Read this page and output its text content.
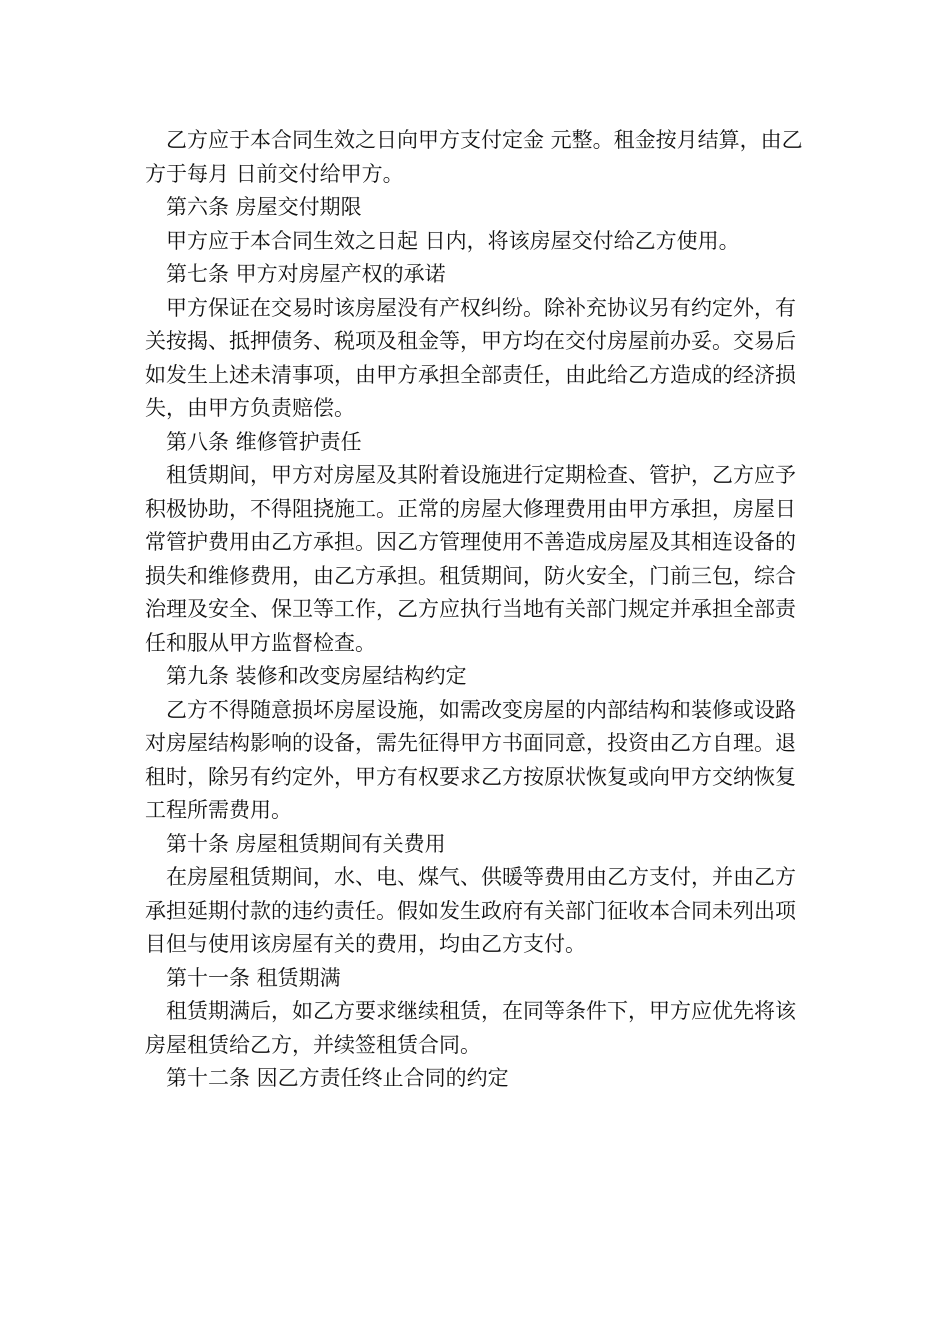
乙方应于本合同生效之日向甲方支付定金 元整。租金按月结算，由乙方于每月 日前交付给甲方。

第六条 房屋交付期限

甲方应于本合同生效之日起 日内，将该房屋交付给乙方使用。

第七条 甲方对房屋产权的承诺

甲方保证在交易时该房屋没有产权纠纷。除补充协议另有约定外，有关按揭、抵押债务、税项及租金等，甲方均在交付房屋前办妥。交易后如发生上述未清事项，由甲方承担全部责任，由此给乙方造成的经济损失，由甲方负责赔偿。

第八条 维修管护责任

租赁期间，甲方对房屋及其附着设施进行定期检查、管护，乙方应予积极协助，不得阻挠施工。正常的房屋大修理费用由甲方承担，房屋日常管护费用由乙方承担。因乙方管理使用不善造成房屋及其相连设备的损失和维修费用，由乙方承担。租赁期间，防火安全，门前三包，综合治理及安全、保卫等工作，乙方应执行当地有关部门规定并承担全部责任和服从甲方监督检查。

第九条 装修和改变房屋结构约定

乙方不得随意损坏房屋设施，如需改变房屋的内部结构和装修或设路对房屋结构影响的设备，需先征得甲方书面同意，投资由乙方自理。退租时，除另有约定外，甲方有权要求乙方按原状恢复或向甲方交纳恢复工程所需费用。

第十条 房屋租赁期间有关费用

在房屋租赁期间，水、电、煤气、供暖等费用由乙方支付，并由乙方承担延期付款的违约责任。假如发生政府有关部门征收本合同未列出项目但与使用该房屋有关的费用，均由乙方支付。

第十一条 租赁期满

租赁期满后，如乙方要求继续租赁，在同等条件下，甲方应优先将该房屋租赁给乙方，并续签租赁合同。

第十二条 因乙方责任终止合同的约定
